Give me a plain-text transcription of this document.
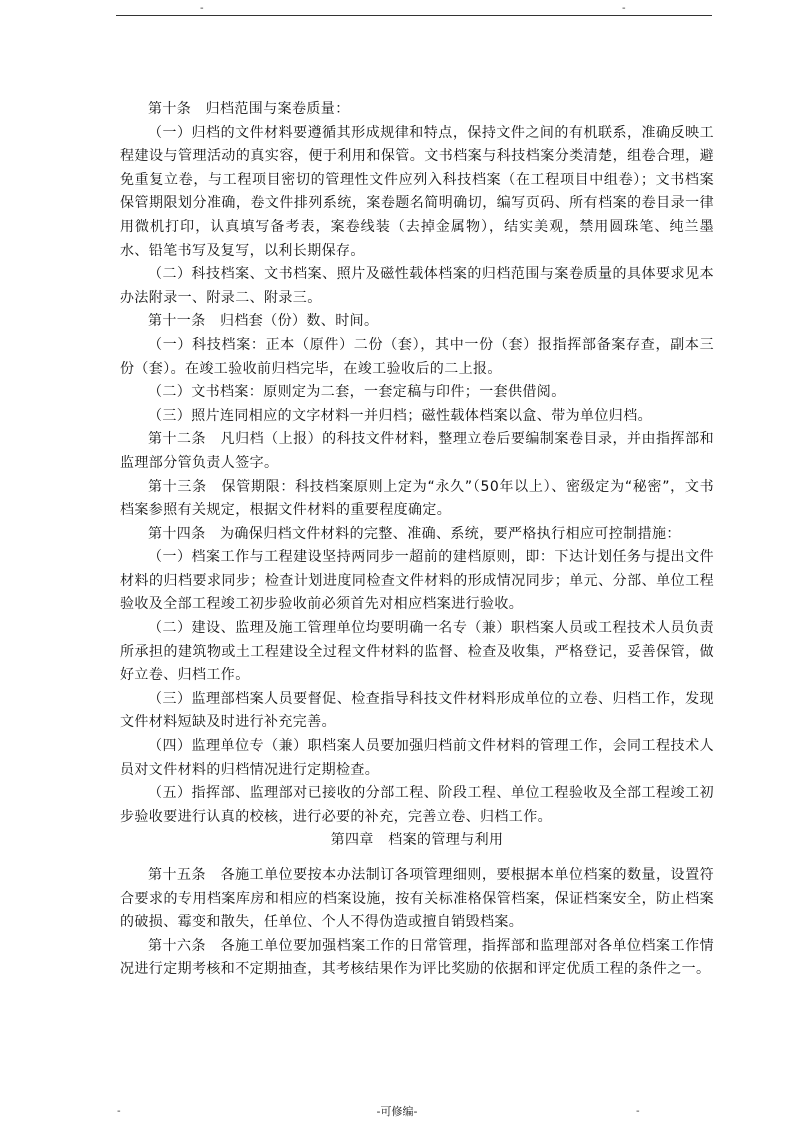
-	-

第十条　归档范围与案卷质量：

（一）归档的文件材料要遵循其形成规律和特点，保持文件之间的有机联系，准确反映工程建设与管理活动的真实容，便于利用和保管。文书档案与科技档案分类清楚，组卷合理，避免重复立卷，与工程项目密切的管理性文件应列入科技档案（在工程项目中组卷）；文书档案保管期限划分准确，卷文件排列系统，案卷题名简明确切，编写页码、所有档案的卷目录一律用微机打印，认真填写备考表，案卷线装（去掉金属物），结实美观，禁用圆珠笔、纯兰墨水、铅笔书写及复写，以利长期保存。

（二）科技档案、文书档案、照片及磁性载体档案的归档范围与案卷质量的具体要求见本办法附录一、附录二、附录三。

第十一条　归档套（份）数、时间。

（一）科技档案：正本（原件）二份（套），其中一份（套）报指挥部备案存查，副本三份（套）。在竣工验收前归档完毕，在竣工验收后的二上报。

（二）文书档案：原则定为二套，一套定稿与印件；一套供借阅。

（三）照片连同相应的文字材料一并归档；磁性载体档案以盒、带为单位归档。

第十二条　凡归档（上报）的科技文件材料，整理立卷后要编制案卷目录，并由指挥部和监理部分管负责人签字。

第十三条　保管期限：科技档案原则上定为“永久”（50年以上）、密级定为“秘密”，文书档案参照有关规定，根据文件材料的重要程度确定。

第十四条　为确保归档文件材料的完整、准确、系统，要严格执行相应可控制措施：

（一）档案工作与工程建设坚持两同步一超前的建档原则，即：下达计划任务与提出文件材料的归档要求同步；检查计划进度同检查文件材料的形成情况同步；单元、分部、单位工程验收及全部工程竣工初步验收前必须首先对相应档案进行验收。

（二）建设、监理及施工管理单位均要明确一名专（兼）职档案人员或工程技术人员负责所承担的建筑物或土工程建设全过程文件材料的监督、检查及收集，严格登记，妥善保管，做好立卷、归档工作。

（三）监理部档案人员要督促、检查指导科技文件材料形成单位的立卷、归档工作，发现文件材料短缺及时进行补充完善。

（四）监理单位专（兼）职档案人员要加强归档前文件材料的管理工作，会同工程技术人员对文件材料的归档情况进行定期检查。

（五）指挥部、监理部对已接收的分部工程、阶段工程、单位工程验收及全部工程竣工初步验收要进行认真的校核，进行必要的补充，完善立卷、归档工作。

第四章　档案的管理与利用

第十五条　各施工单位要按本办法制订各项管理细则，要根据本单位档案的数量，设置符合要求的专用档案库房和相应的档案设施，按有关标准格保管档案，保证档案安全，防止档案的破损、霉变和散失，任单位、个人不得伪造或擅自销毁档案。

第十六条　各施工单位要加强档案工作的日常管理，指挥部和监理部对各单位档案工作情况进行定期考核和不定期抽查，其考核结果作为评比奖励的依据和评定优质工程的条件之一。

-	-可修编-	-
